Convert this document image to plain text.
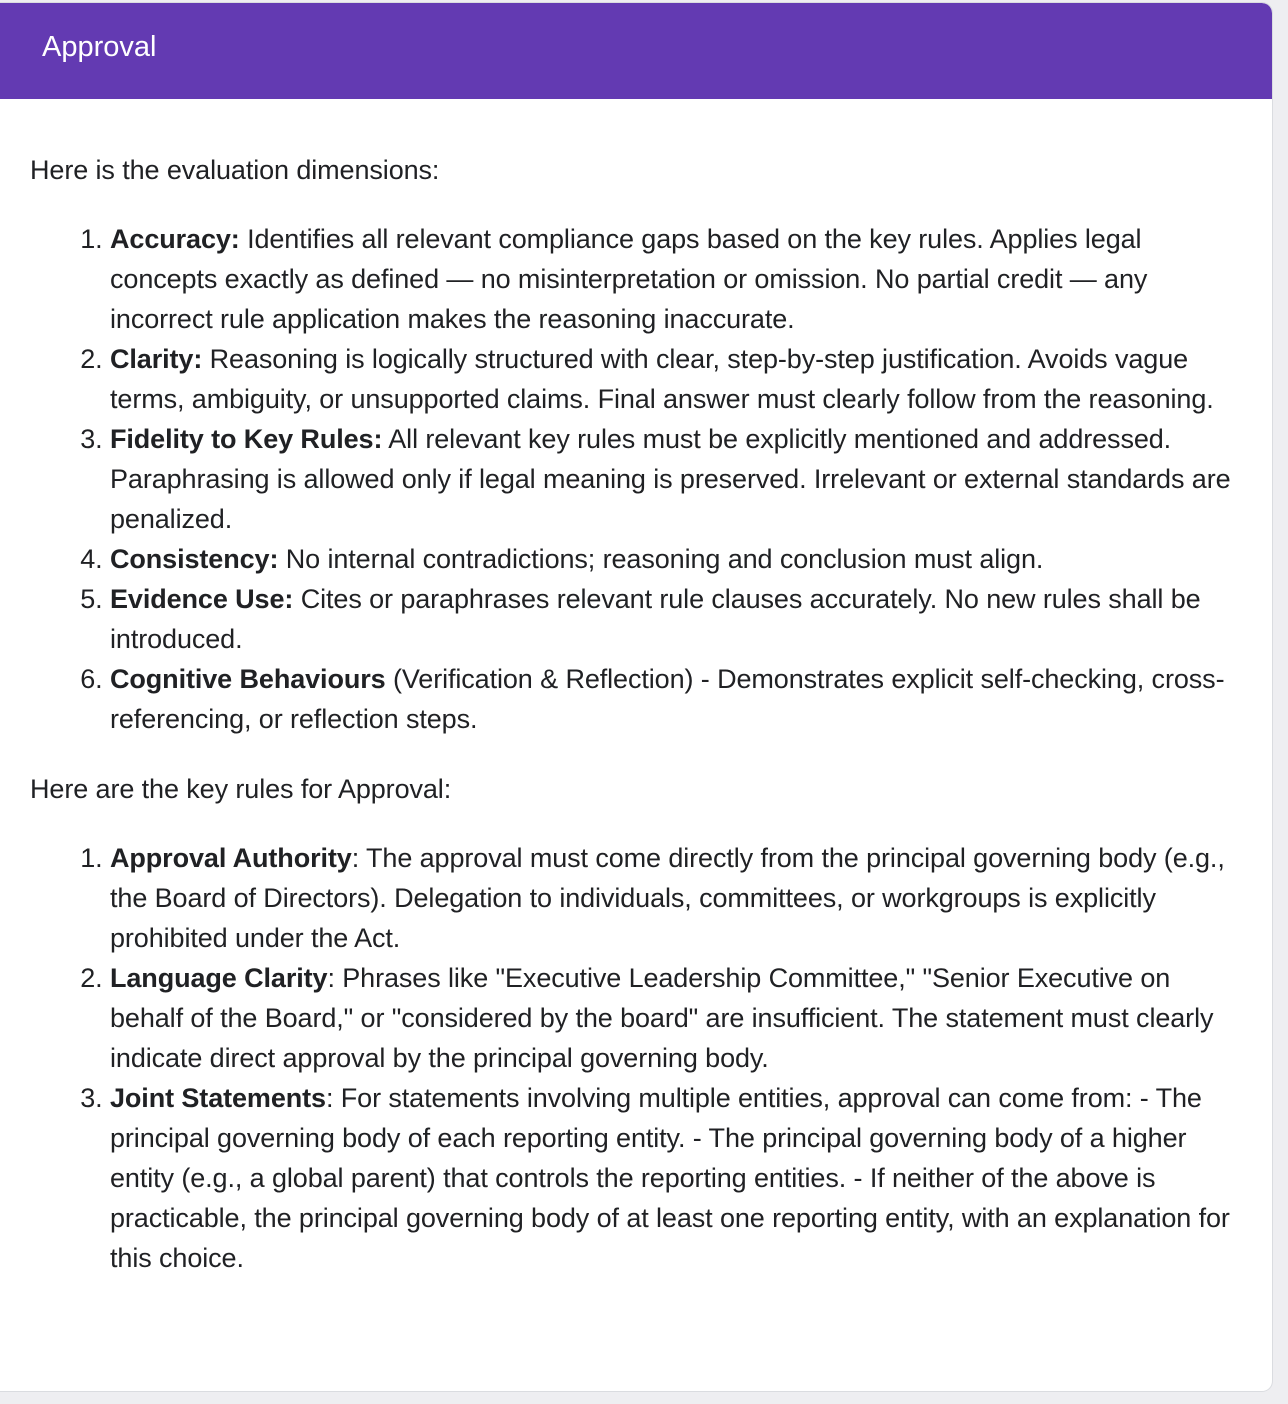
Approval

Here is the evaluation dimensions:

1. Accuracy: Identifies all relevant compliance gaps based on the key rules. Applies legal concepts exactly as defined — no misinterpretation or omission. No partial credit — any incorrect rule application makes the reasoning inaccurate.
2. Clarity: Reasoning is logically structured with clear, step-by-step justification. Avoids vague terms, ambiguity, or unsupported claims. Final answer must clearly follow from the reasoning.
3. Fidelity to Key Rules: All relevant key rules must be explicitly mentioned and addressed. Paraphrasing is allowed only if legal meaning is preserved. Irrelevant or external standards are penalized.
4. Consistency: No internal contradictions; reasoning and conclusion must align.
5. Evidence Use: Cites or paraphrases relevant rule clauses accurately. No new rules shall be introduced.
6. Cognitive Behaviours (Verification & Reflection) - Demonstrates explicit self-checking, cross-referencing, or reflection steps.

Here are the key rules for Approval:

1. Approval Authority: The approval must come directly from the principal governing body (e.g., the Board of Directors). Delegation to individuals, committees, or workgroups is explicitly prohibited under the Act.
2. Language Clarity: Phrases like "Executive Leadership Committee," "Senior Executive on behalf of the Board," or "considered by the board" are insufficient. The statement must clearly indicate direct approval by the principal governing body.
3. Joint Statements: For statements involving multiple entities, approval can come from: - The principal governing body of each reporting entity. - The principal governing body of a higher entity (e.g., a global parent) that controls the reporting entities. - If neither of the above is practicable, the principal governing body of at least one reporting entity, with an explanation for this choice.
